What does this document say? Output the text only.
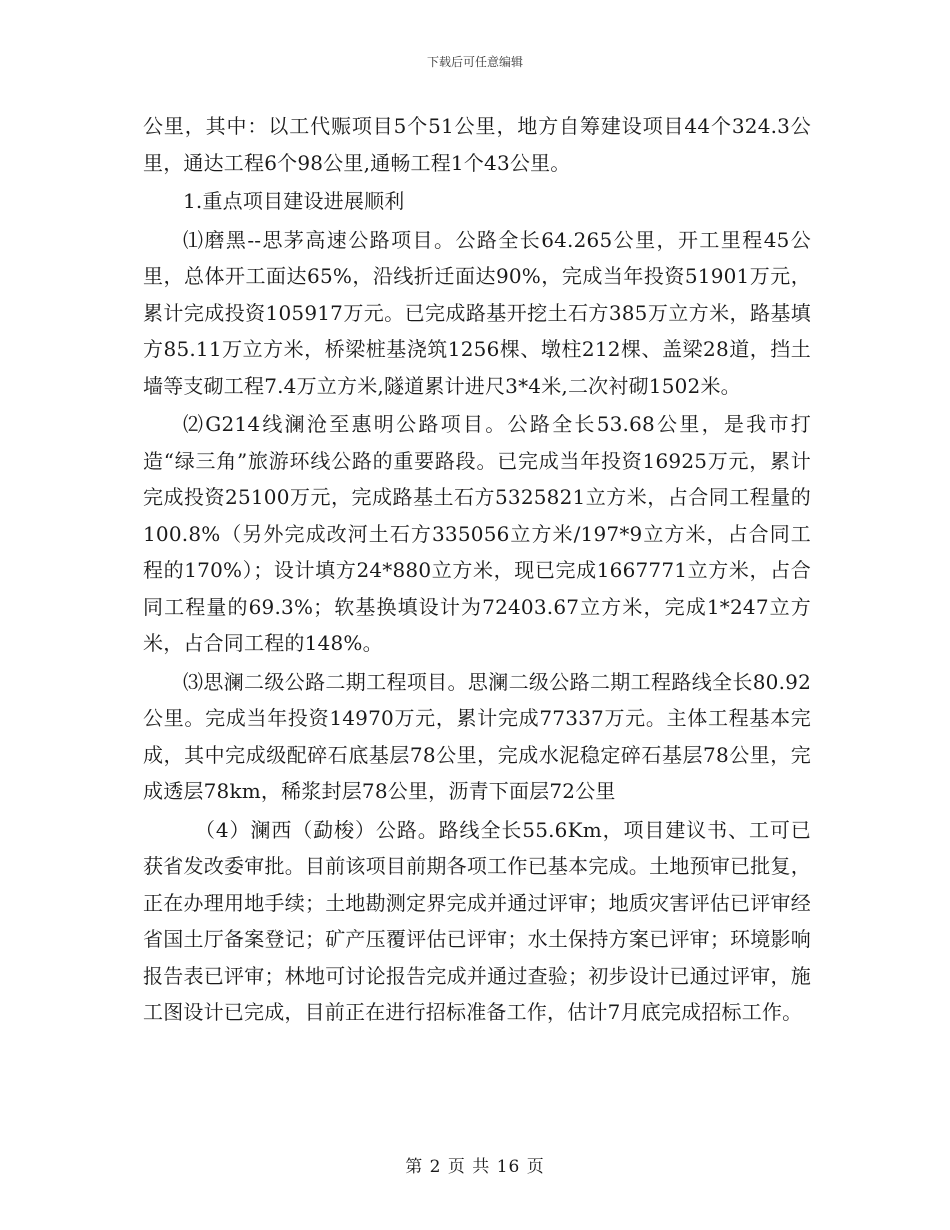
下载后可任意编辑

公里，其中：以工代赈项目5个51公里，地方自筹建设项目44个324.3公里，通达工程6个98公里,通畅工程1个43公里。

1.重点项目建设进展顺利

⑴磨黑--思茅高速公路项目。公路全长64.265公里，开工里程45公里，总体开工面达65%，沿线折迁面达90%，完成当年投资51901万元，累计完成投资105917万元。已完成路基开挖土石方385万立方米，路基填方85.11万立方米，桥梁桩基浇筑1256棵、墩柱212棵、盖梁28道，挡土墙等支砌工程7.4万立方米,隧道累计进尺3*4米,二次衬砌1502米。

⑵G214线澜沧至惠明公路项目。公路全长53.68公里，是我市打造“绿三角”旅游环线公路的重要路段。已完成当年投资16925万元，累计完成投资25100万元，完成路基土石方5325821立方米，占合同工程量的100.8%（另外完成改河土石方335056立方米/197*9立方米，占合同工程的170%）；设计填方24*880立方米，现已完成1667771立方米，占合同工程量的69.3%；软基换填设计为72403.67立方米，完成1*247立方米，占合同工程的148%。

⑶思澜二级公路二期工程项目。思澜二级公路二期工程路线全长80.92公里。完成当年投资14970万元，累计完成77337万元。主体工程基本完成，其中完成级配碎石底基层78公里，完成水泥稳定碎石基层78公里，完成透层78km，稀浆封层78公里，沥青下面层72公里

（4）澜西（勐梭）公路。路线全长55.6Km，项目建议书、工可已获省发改委审批。目前该项目前期各项工作已基本完成。土地预审已批复，正在办理用地手续；土地勘测定界完成并通过评审；地质灾害评估已评审经省国土厅备案登记；矿产压覆评估已评审；水土保持方案已评审；环境影响报告表已评审；林地可讨论报告完成并通过查验；初步设计已通过评审，施工图设计已完成，目前正在进行招标准备工作，估计7月底完成招标工作。

第 2 页 共 16 页
